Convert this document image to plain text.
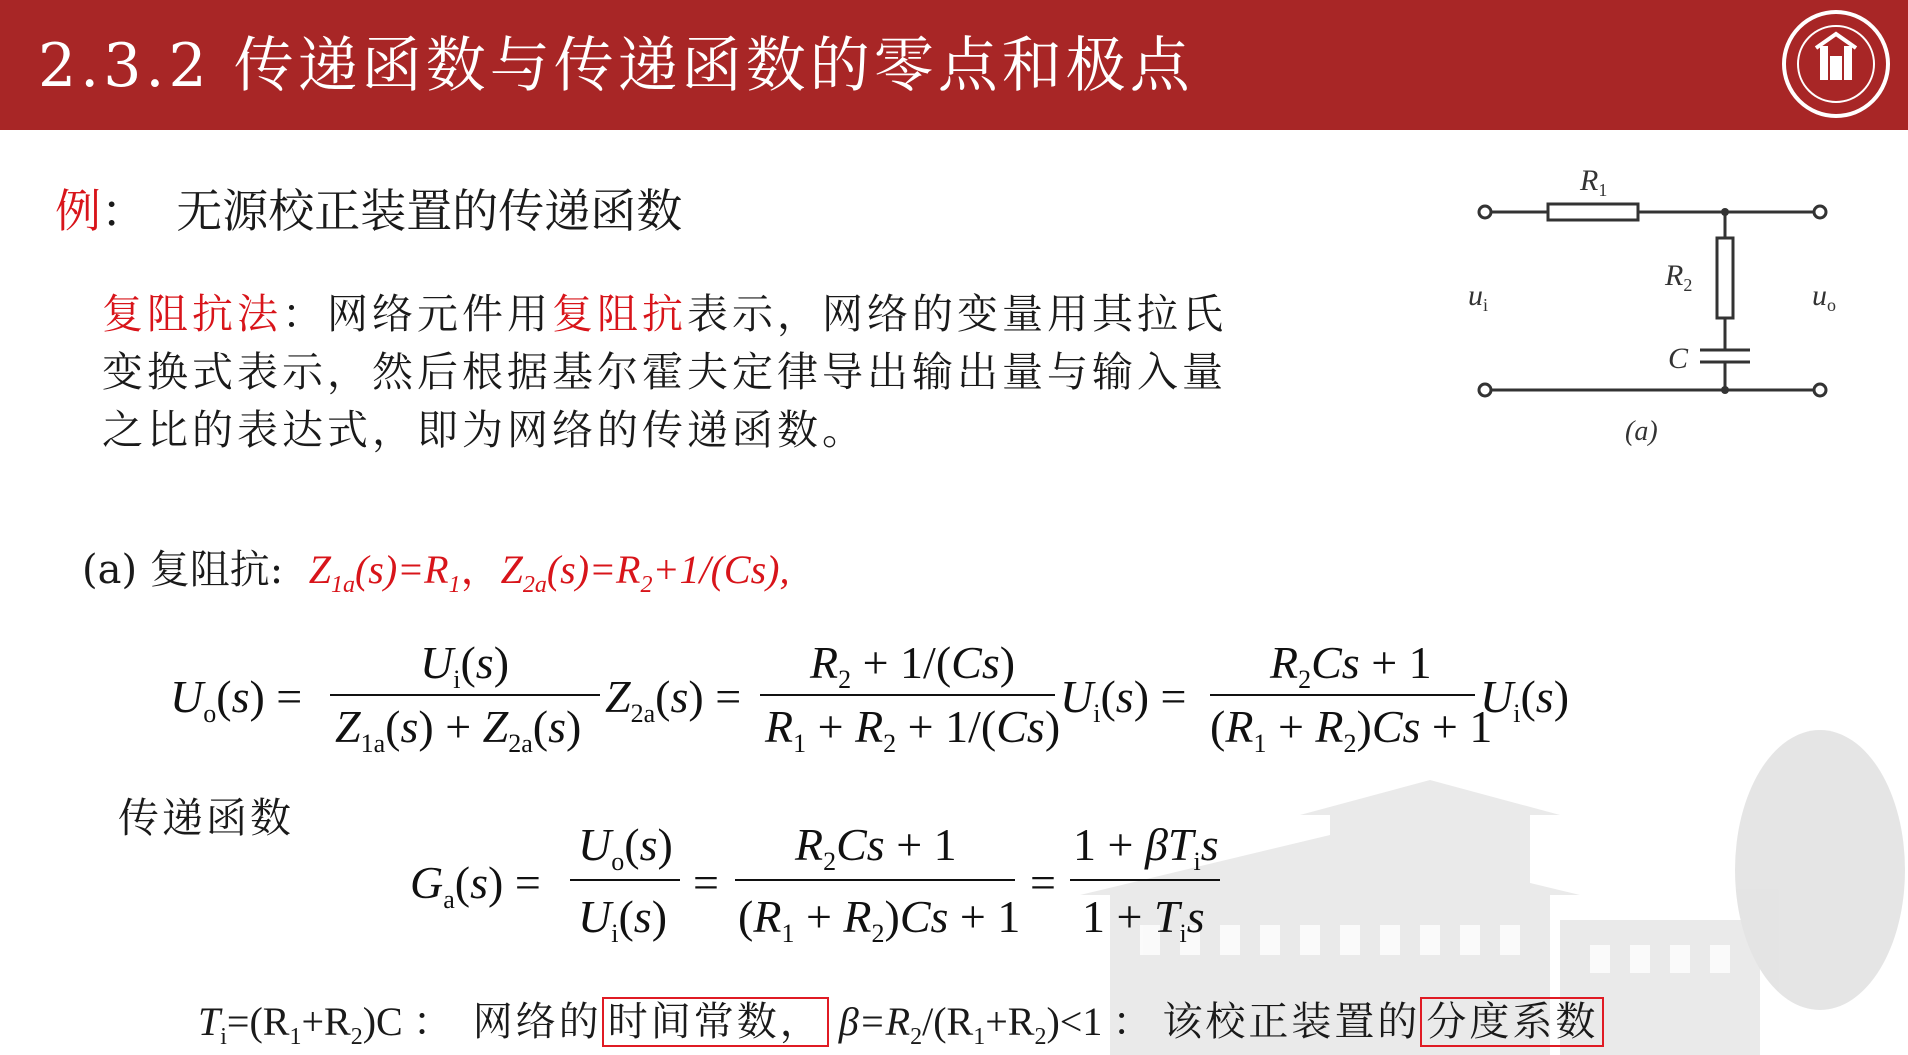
2.3.2 传递函数与传递函数的零点和极点
例： 无源校正装置的传递函数
复阻抗法：网络元件用复阻抗表示，网络的变量用其拉氏变换式表示，然后根据基尔霍夫定律导出输出量与输入量之比的表达式，即为网络的传递函数。
$R_1$
$R_2$
C
$u_i$	$u_o$
(a)
(a) 复阻抗: $Z_{1a}(s)=R_1$，$Z_{2a}(s)=R_2+1/(Cs)$,
$U_o(s)$ =
$U_i(s)$
$Z_{1a}(s) + Z_{2a}(s)$
$Z_{2a}(s)$ =
$R_2 + 1/(Cs)$
$R_1 + R_2 + 1/(Cs)$
$U_i(s)$ =
$R_2Cs + 1$
$(R_1 + R_2)Cs + 1$
$U_i(s)$
传递函数
$G_a(s)$ =
$U_o(s)$
$U_i(s)$
=
$R_2Cs + 1$
$(R_1 + R_2)Cs + 1$
=
$1 + \beta T_is$
$1 + T_is$
$T_i=(R_1+R_2)C$ ： 网络的 时间常数， $\beta=R_2/(R_1+R_2)<1$ ： 该校正装置的 分度系数
